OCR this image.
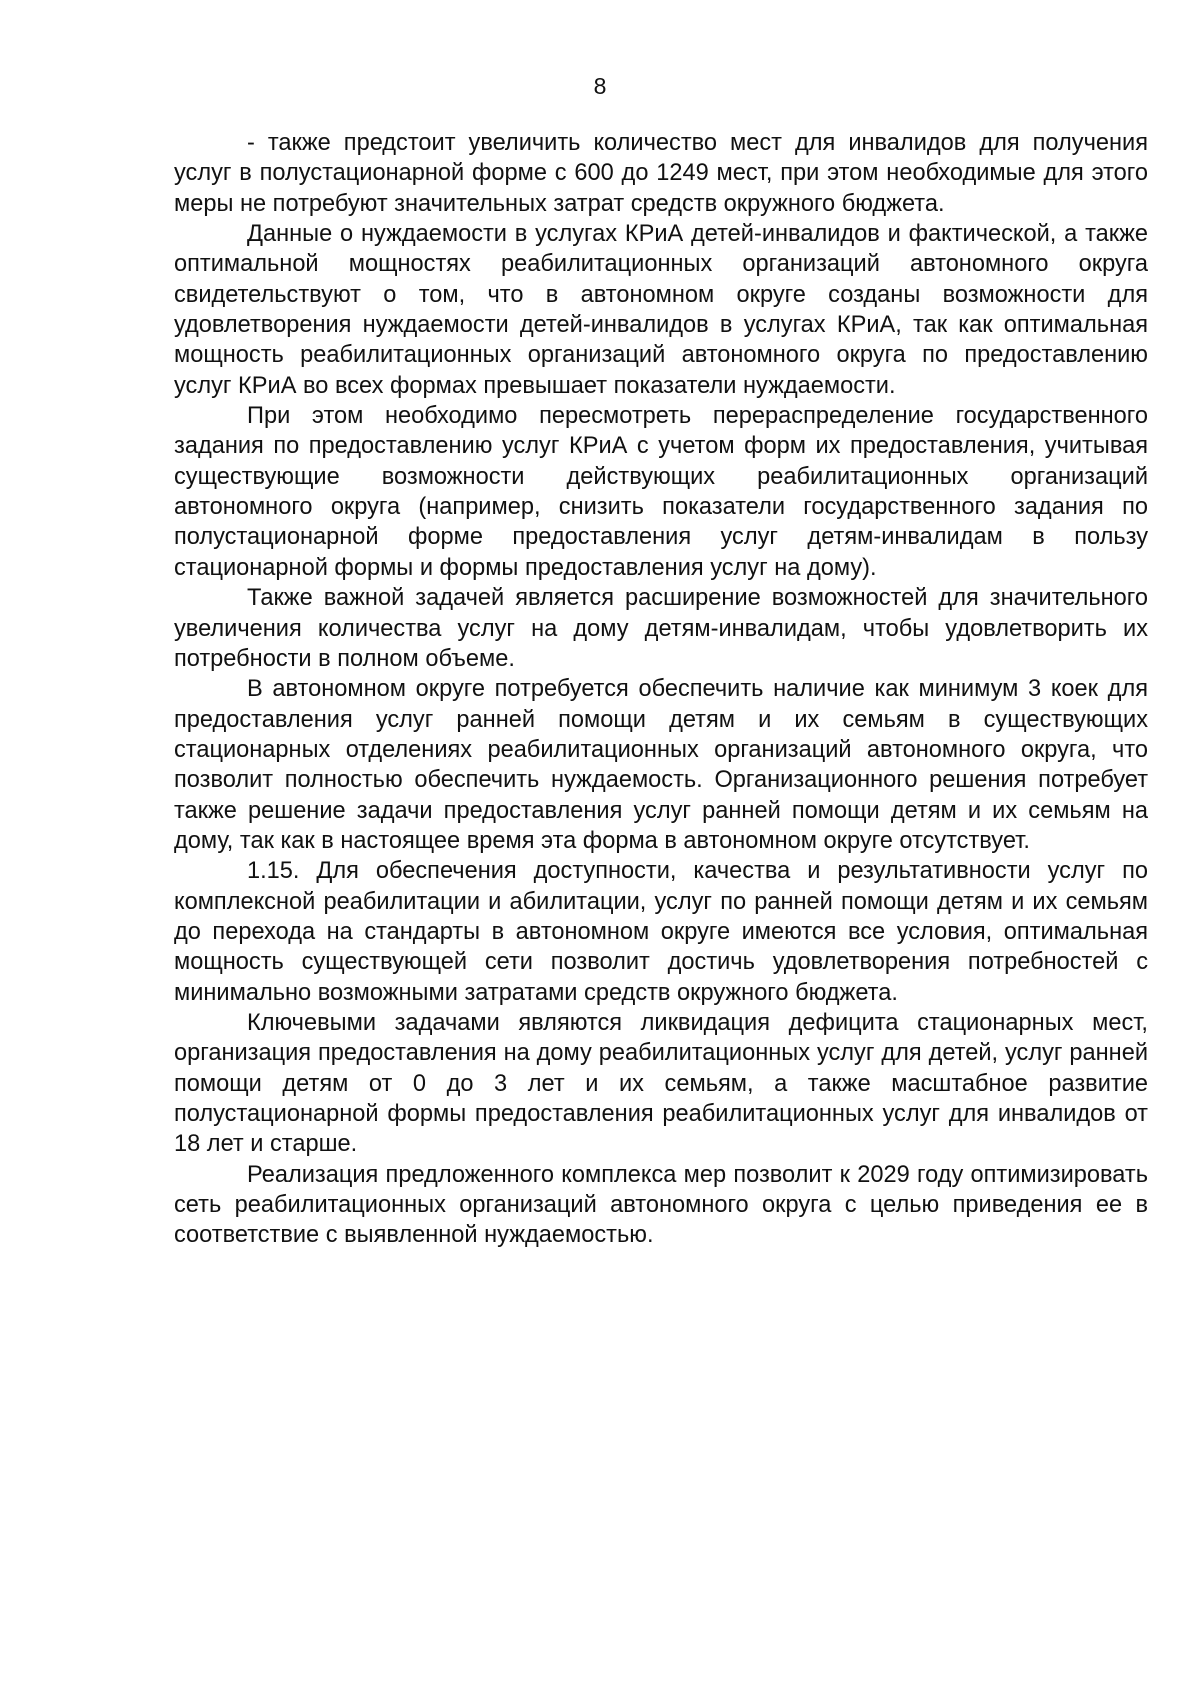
8

- также предстоит увеличить количество мест для инвалидов для получения услуг в полустационарной форме с 600 до 1249 мест, при этом необходимые для этого меры не потребуют значительных затрат средств окружного бюджета.

Данные о нуждаемости в услугах КРиА детей-инвалидов и фактической, а также оптимальной мощностях реабилитационных организаций автономного округа свидетельствуют о том, что в автономном округе созданы возможности для удовлетворения нуждаемости детей-инвалидов в услугах КРиА, так как оптимальная мощность реабилитационных организаций автономного округа по предоставлению услуг КРиА во всех формах превышает показатели нуждаемости.

При этом необходимо пересмотреть перераспределение государственного задания по предоставлению услуг КРиА с учетом форм их предоставления, учитывая существующие возможности действующих реабилитационных организаций автономного округа (например, снизить показатели государственного задания по полустационарной форме предоставления услуг детям-инвалидам в пользу стационарной формы и формы предоставления услуг на дому).

Также важной задачей является расширение возможностей для значительного увеличения количества услуг на дому детям-инвалидам, чтобы удовлетворить их потребности в полном объеме.

В автономном округе потребуется обеспечить наличие как минимум 3 коек для предоставления услуг ранней помощи детям и их семьям в существующих стационарных отделениях реабилитационных организаций автономного округа, что позволит полностью обеспечить нуждаемость. Организационного решения потребует также решение задачи предоставления услуг ранней помощи детям и их семьям на дому, так как в настоящее время эта форма в автономном округе отсутствует.

1.15. Для обеспечения доступности, качества и результативности услуг по комплексной реабилитации и абилитации, услуг по ранней помощи детям и их семьям до перехода на стандарты в автономном округе имеются все условия, оптимальная мощность существующей сети позволит достичь удовлетворения потребностей с минимально возможными затратами средств окружного бюджета.

Ключевыми задачами являются ликвидация дефицита стационарных мест, организация предоставления на дому реабилитационных услуг для детей, услуг ранней помощи детям от 0 до 3 лет и их семьям, а также масштабное развитие полустационарной формы предоставления реабилитационных услуг для инвалидов от 18 лет и старше.

Реализация предложенного комплекса мер позволит к 2029 году оптимизировать сеть реабилитационных организаций автономного округа с целью приведения ее в соответствие с выявленной нуждаемостью.
